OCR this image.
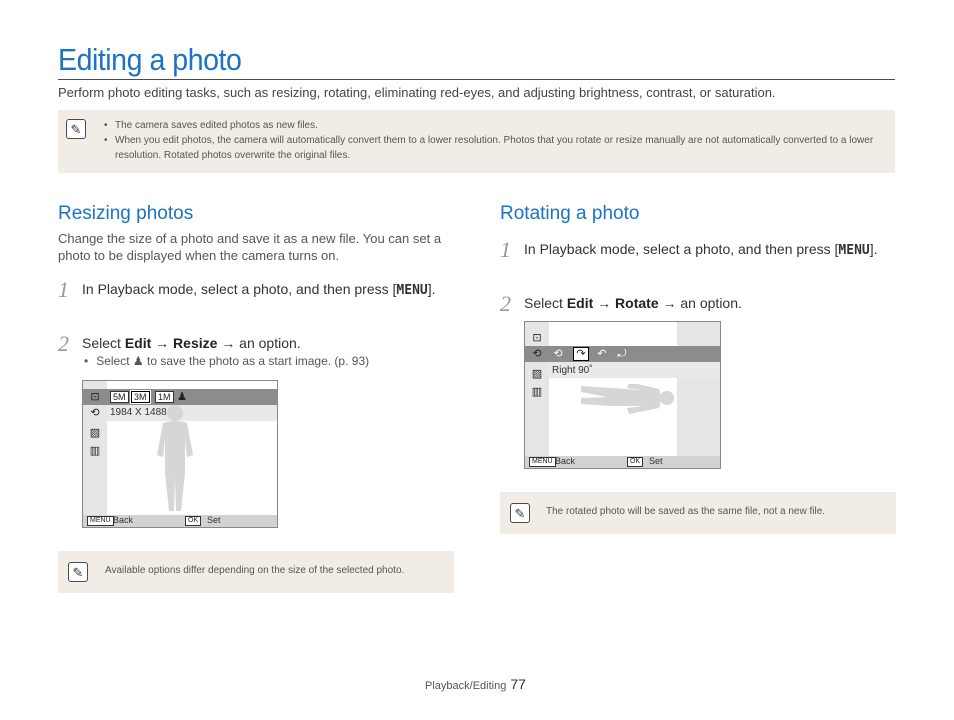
Editing a photo
Perform photo editing tasks, such as resizing, rotating, eliminating red-eyes, and adjusting brightness, contrast, or saturation.
✎
•	The camera saves edited photos as new files.
• When you edit photos, the camera will automatically convert them to a lower resolution. Photos that you rotate or resize manually are not automatically converted to a lower resolution. Rotated photos overwrite the original files.
Resizing photos
Change the size of a photo and save it as a new file. You can set a photo to be displayed when the camera turns on.
1 In Playback mode, select a photo, and then press [MENU].
2 Select Edit → Resize → an option.
• Select ♟ to save the photo as a start image. (p. 93)
⊡
⟲
▨
▥
5M 3M	1M ♟
1984 X 1488
MENU Back	OK Set
✎	Available options differ depending on the size of the selected photo.
Rotating a photo
1 In Playback mode, select a photo, and then press [MENU].
2 Select Edit → Rotate → an option.
⊡
⟲
▨
▥
⟲	↷	↶ ⤾
Right 90˚
MENU Back	OK Set
✎	The rotated photo will be saved as the same file, not a new file.
Playback/Editing 77
